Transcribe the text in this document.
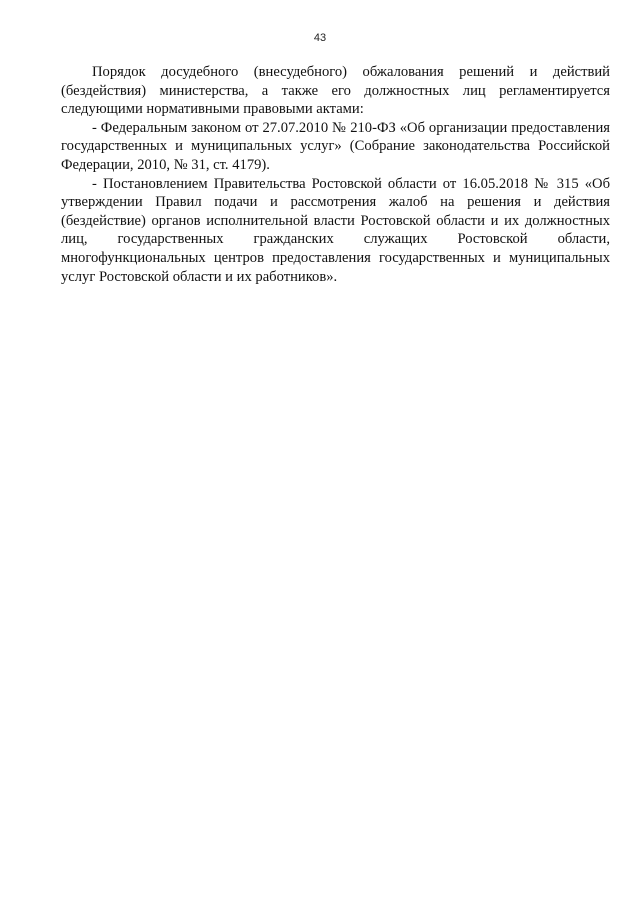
43

Порядок досудебного (внесудебного) обжалования решений и действий (бездействия) министерства, а также его должностных лиц регламентируется следующими нормативными правовыми актами:

- Федеральным законом от 27.07.2010 № 210-ФЗ «Об организации предоставления государственных и муниципальных услуг» (Собрание законодательства Российской Федерации, 2010, № 31, ст. 4179).

- Постановлением Правительства Ростовской области от 16.05.2018 № 315 «Об утверждении Правил подачи и рассмотрения жалоб на решения и действия (бездействие) органов исполнительной власти Ростовской области и их должностных лиц, государственных гражданских служащих Ростовской области, многофункциональных центров предоставления государственных и муниципальных услуг Ростовской области и их работников».
